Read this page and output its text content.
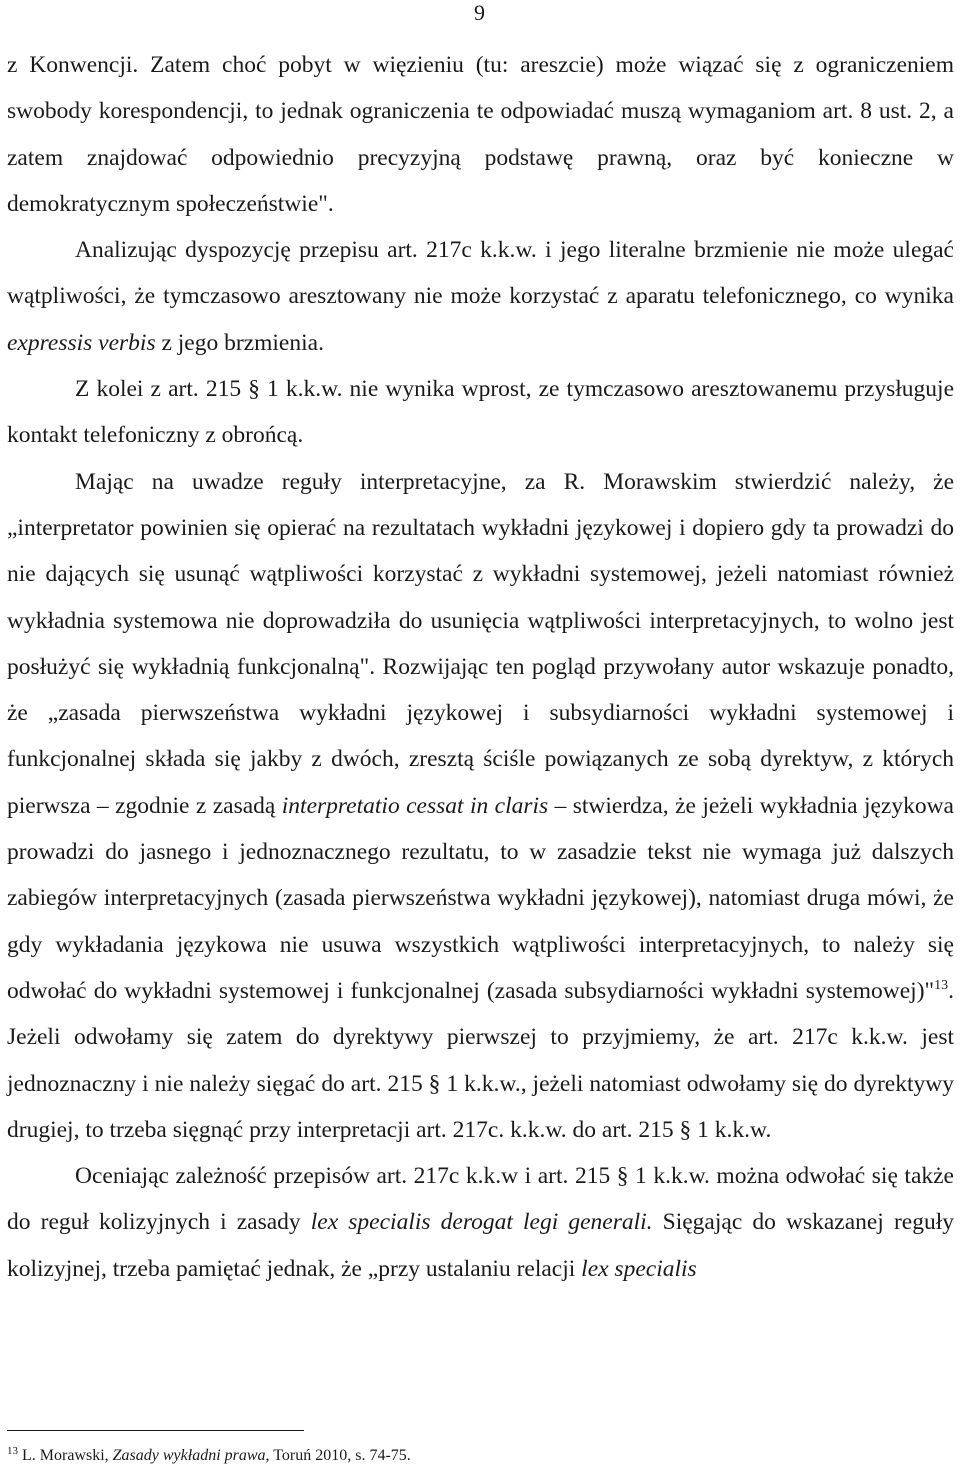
9

z Konwencji. Zatem choć pobyt w więzieniu (tu: areszcie) może wiązać się z ograniczeniem swobody korespondencji, to jednak ograniczenia te odpowiadać muszą wymaganiom art. 8 ust. 2, a zatem znajdować odpowiednio precyzyjną podstawę prawną, oraz być konieczne w demokratycznym społeczeństwie".

Analizując dyspozycję przepisu art. 217c k.k.w. i jego literalne brzmienie nie może ulegać wątpliwości, że tymczasowo aresztowany nie może korzystać z aparatu telefonicznego, co wynika expressis verbis z jego brzmienia.

Z kolei z art. 215 § 1 k.k.w. nie wynika wprost, ze tymczasowo aresztowanemu przysługuje kontakt telefoniczny z obrońcą.

Mając na uwadze reguły interpretacyjne, za R. Morawskim stwierdzić należy, że „interpretator powinien się opierać na rezultatach wykładni językowej i dopiero gdy ta prowadzi do nie dających się usunąć wątpliwości korzystać z wykładni systemowej, jeżeli natomiast również wykładnia systemowa nie doprowadziła do usunięcia wątpliwości interpretacyjnych, to wolno jest posłużyć się wykładnią funkcjonalną". Rozwijając ten pogląd przywołany autor wskazuje ponadto, że „zasada pierwszeństwa wykładni językowej i subsydiarności wykładni systemowej i funkcjonalnej składa się jakby z dwóch, zresztą ściśle powiązanych ze sobą dyrektyw, z których pierwsza – zgodnie z zasadą interpretatio cessat in claris – stwierdza, że jeżeli wykładnia językowa prowadzi do jasnego i jednoznacznego rezultatu, to w zasadzie tekst nie wymaga już dalszych zabiegów interpretacyjnych (zasada pierwszeństwa wykładni językowej), natomiast druga mówi, że gdy wykładania językowa nie usuwa wszystkich wątpliwości interpretacyjnych, to należy się odwołać do wykładni systemowej i funkcjonalnej (zasada subsydiarności wykładni systemowej)"$^{13}$. Jeżeli odwołamy się zatem do dyrektywy pierwszej to przyjmiemy, że art. 217c k.k.w. jest jednoznaczny i nie należy sięgać do art. 215 § 1 k.k.w., jeżeli natomiast odwołamy się do dyrektywy drugiej, to trzeba sięgnąć przy interpretacji art. 217c. k.k.w. do art. 215 § 1 k.k.w.

Oceniając zależność przepisów art. 217c k.k.w i art. 215 § 1 k.k.w. można odwołać się także do reguł kolizyjnych i zasady lex specialis derogat legi generali. Sięgając do wskazanej reguły kolizyjnej, trzeba pamiętać jednak, że „przy ustalaniu relacji lex specialis

$^{13}$ L. Morawski, Zasady wykładni prawa, Toruń 2010, s. 74-75.
